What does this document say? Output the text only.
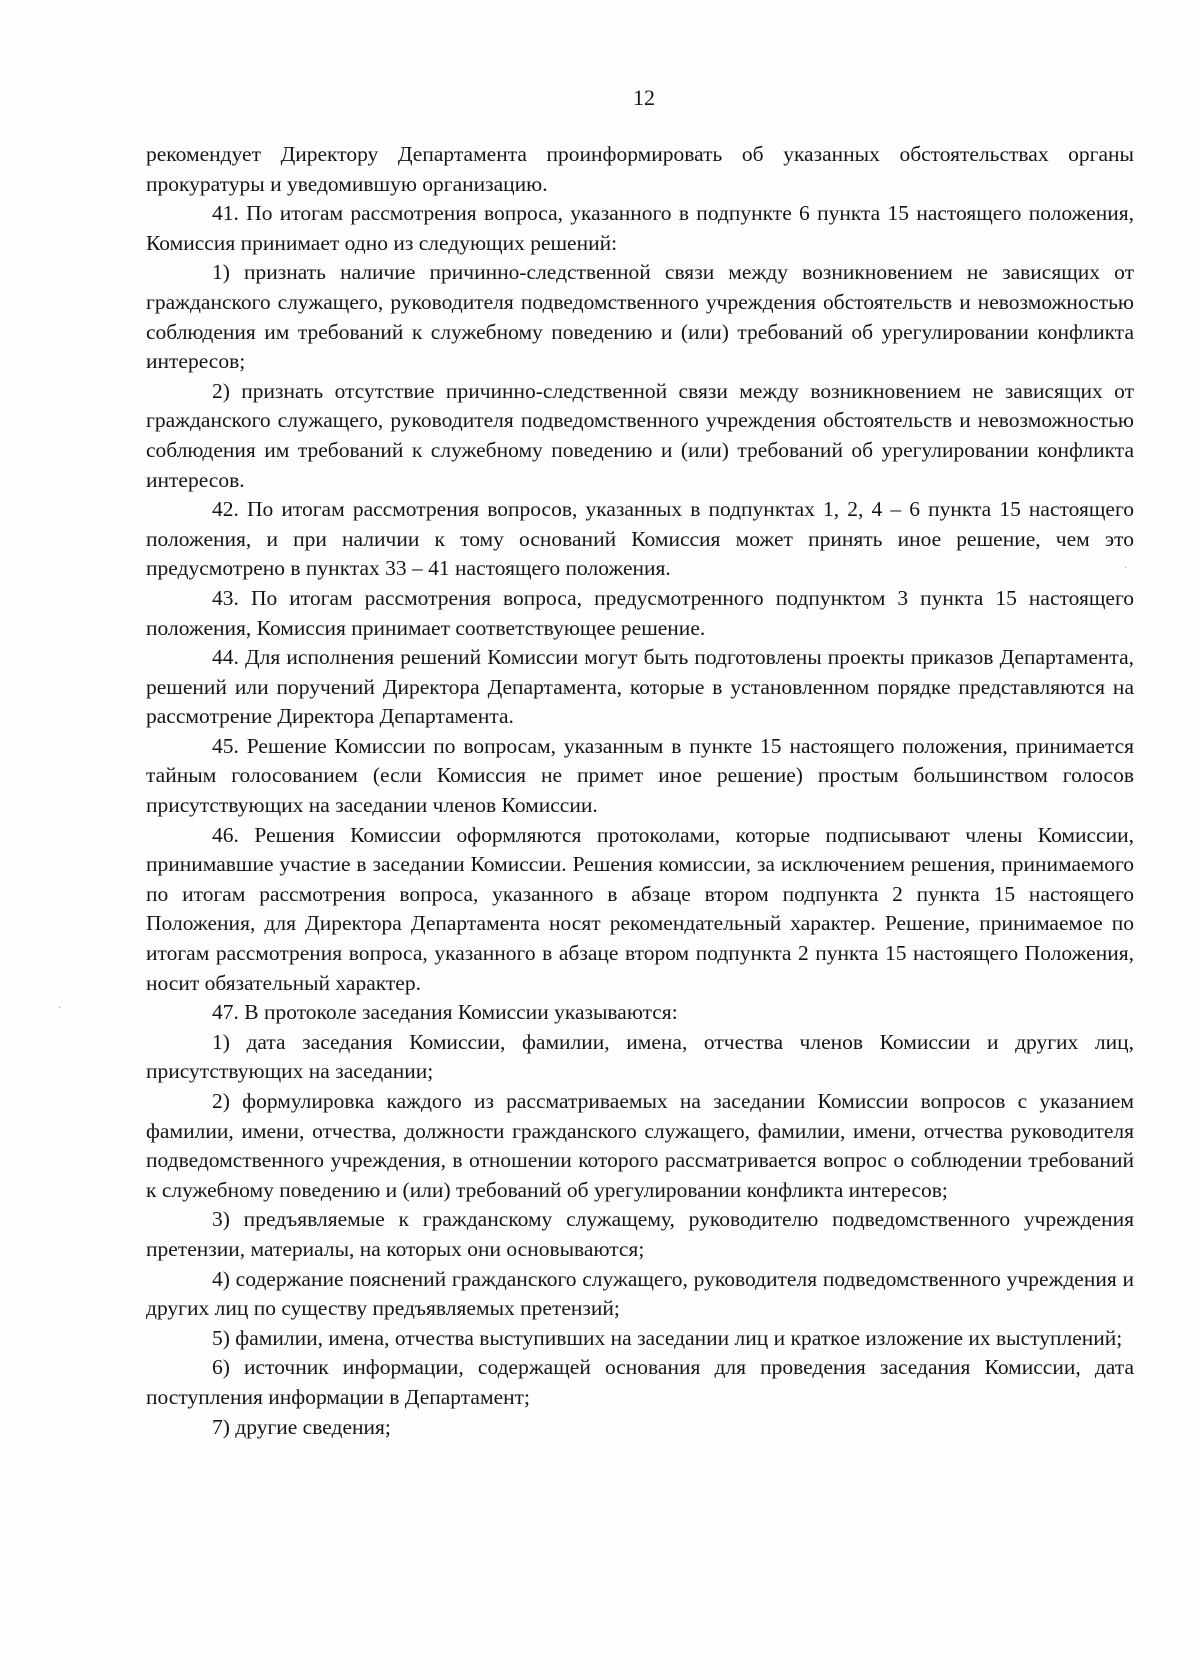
12

рекомендует Директору Департамента проинформировать об указанных обстоятельствах органы прокуратуры и уведомившую организацию.

41. По итогам рассмотрения вопроса, указанного в подпункте 6 пункта 15 настоящего положения, Комиссия принимает одно из следующих решений:

1) признать наличие причинно-следственной связи между возникновением не зависящих от гражданского служащего, руководителя подведомственного учреждения обстоятельств и невозможностью соблюдения им требований к служебному поведению и (или) требований об урегулировании конфликта интересов;

2) признать отсутствие причинно-следственной связи между возникновением не зависящих от гражданского служащего, руководителя подведомственного учреждения обстоятельств и невозможностью соблюдения им требований к служебному поведению и (или) требований об урегулировании конфликта интересов.

42. По итогам рассмотрения вопросов, указанных в подпунктах 1, 2, 4 – 6 пункта 15 настоящего положения, и при наличии к тому оснований Комиссия может принять иное решение, чем это предусмотрено в пунктах 33 – 41 настоящего положения.

43. По итогам рассмотрения вопроса, предусмотренного подпунктом 3 пункта 15 настоящего положения, Комиссия принимает соответствующее решение.

44. Для исполнения решений Комиссии могут быть подготовлены проекты приказов Департамента, решений или поручений Директора Департамента, которые в установленном порядке представляются на рассмотрение Директора Департамента.

45. Решение Комиссии по вопросам, указанным в пункте 15 настоящего положения, принимается тайным голосованием (если Комиссия не примет иное решение) простым большинством голосов присутствующих на заседании членов Комиссии.

46. Решения Комиссии оформляются протоколами, которые подписывают члены Комиссии, принимавшие участие в заседании Комиссии. Решения комиссии, за исключением решения, принимаемого по итогам рассмотрения вопроса, указанного в абзаце втором подпункта 2 пункта 15 настоящего Положения, для Директора Департамента носят рекомендательный характер. Решение, принимаемое по итогам рассмотрения вопроса, указанного в абзаце втором подпункта 2 пункта 15 настоящего Положения, носит обязательный характер.

47. В протоколе заседания Комиссии указываются:

1) дата заседания Комиссии, фамилии, имена, отчества членов Комиссии и других лиц, присутствующих на заседании;

2) формулировка каждого из рассматриваемых на заседании Комиссии вопросов с указанием фамилии, имени, отчества, должности гражданского служащего, фамилии, имени, отчества руководителя подведомственного учреждения, в отношении которого рассматривается вопрос о соблюдении требований к служебному поведению и (или) требований об урегулировании конфликта интересов;

3) предъявляемые к гражданскому служащему, руководителю подведомственного учреждения претензии, материалы, на которых они основываются;

4) содержание пояснений гражданского служащего, руководителя подведомственного учреждения и других лиц по существу предъявляемых претензий;

5) фамилии, имена, отчества выступивших на заседании лиц и краткое изложение их выступлений;

6) источник информации, содержащей основания для проведения заседания Комиссии, дата поступления информации в Департамент;

7) другие сведения;

·
·
